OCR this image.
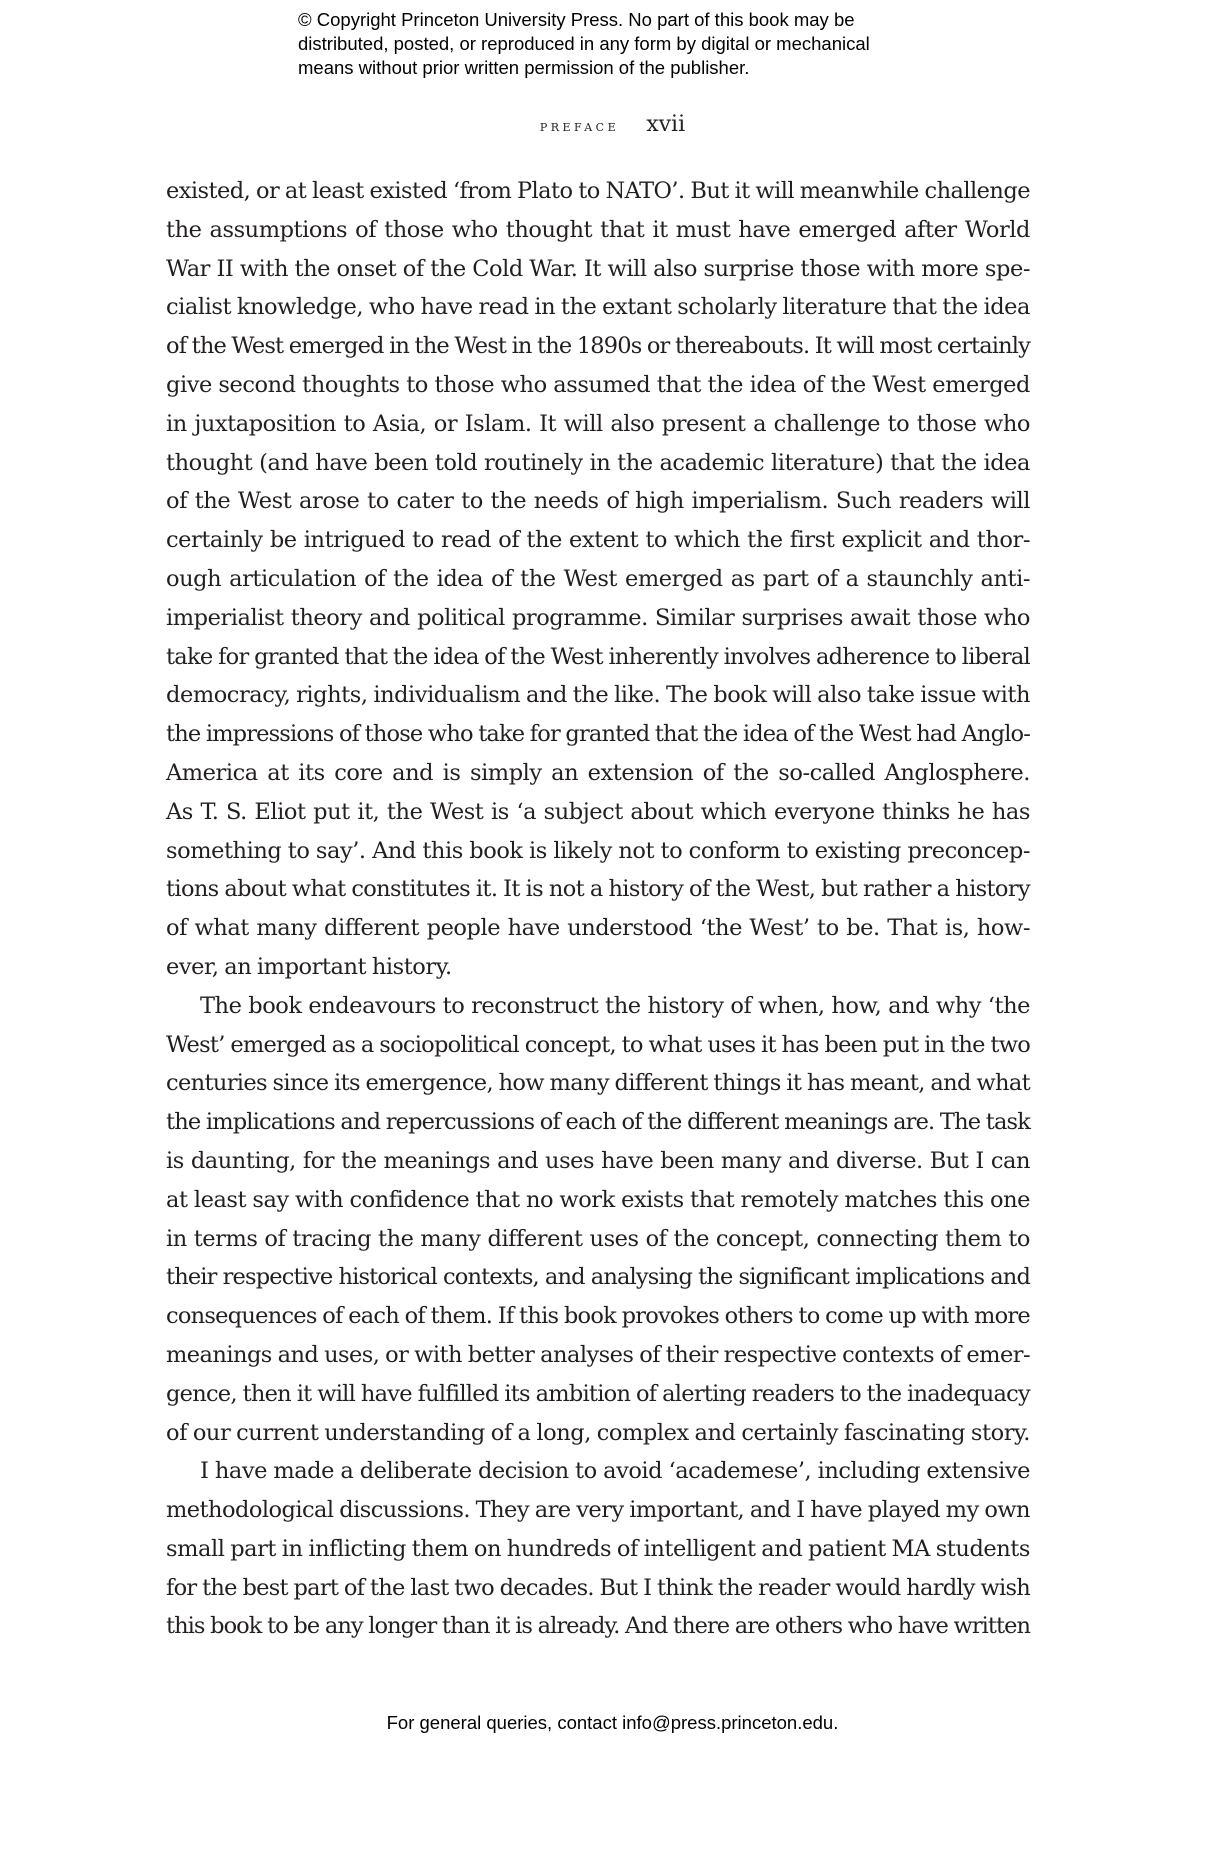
© Copyright Princeton University Press. No part of this book may be
distributed, posted, or reproduced in any form by digital or mechanical
means without prior written permission of the publisher.
preface xvii
existed, or at least existed ‘from Plato to NATO’. But it will meanwhile challenge
the assumptions of those who thought that it must have emerged after World
War II with the onset of the Cold War. It will also surprise those with more spe-
cialist knowledge, who have read in the extant scholarly literature that the idea
of the West emerged in the West in the 1890s or thereabouts. It will most certainly
give second thoughts to those who assumed that the idea of the West emerged
in juxtaposition to Asia, or Islam. It will also present a challenge to those who
thought (and have been told routinely in the academic literature) that the idea
of the West arose to cater to the needs of high imperialism. Such readers will
certainly be intrigued to read of the extent to which the first explicit and thor-
ough articulation of the idea of the West emerged as part of a staunchly anti-
imperialist theory and political programme. Similar surprises await those who
take for granted that the idea of the West inherently involves adherence to liberal
democracy, rights, individualism and the like. The book will also take issue with
the impressions of those who take for granted that the idea of the West had Anglo-
America at its core and is simply an extension of the so-called Anglosphere.
As T. S. Eliot put it, the West is ‘a subject about which everyone thinks he has
something to say’. And this book is likely not to conform to existing preconcep-
tions about what constitutes it. It is not a history of the West, but rather a history
of what many different people have understood ‘the West’ to be. That is, how-
ever, an important history.
The book endeavours to reconstruct the history of when, how, and why ‘the
West’ emerged as a sociopolitical concept, to what uses it has been put in the two
centuries since its emergence, how many different things it has meant, and what
the implications and repercussions of each of the different meanings are. The task
is daunting, for the meanings and uses have been many and diverse. But I can
at least say with confidence that no work exists that remotely matches this one
in terms of tracing the many different uses of the concept, connecting them to
their respective historical contexts, and analysing the significant implications and
consequences of each of them. If this book provokes others to come up with more
meanings and uses, or with better analyses of their respective contexts of emer-
gence, then it will have fulfilled its ambition of alerting readers to the inadequacy
of our current understanding of a long, complex and certainly fascinating story.
I have made a deliberate decision to avoid ‘academese’, including extensive
methodological discussions. They are very important, and I have played my own
small part in inflicting them on hundreds of intelligent and patient MA students
for the best part of the last two decades. But I think the reader would hardly wish
this book to be any longer than it is already. And there are others who have written
For general queries, contact info@press.princeton.edu.
